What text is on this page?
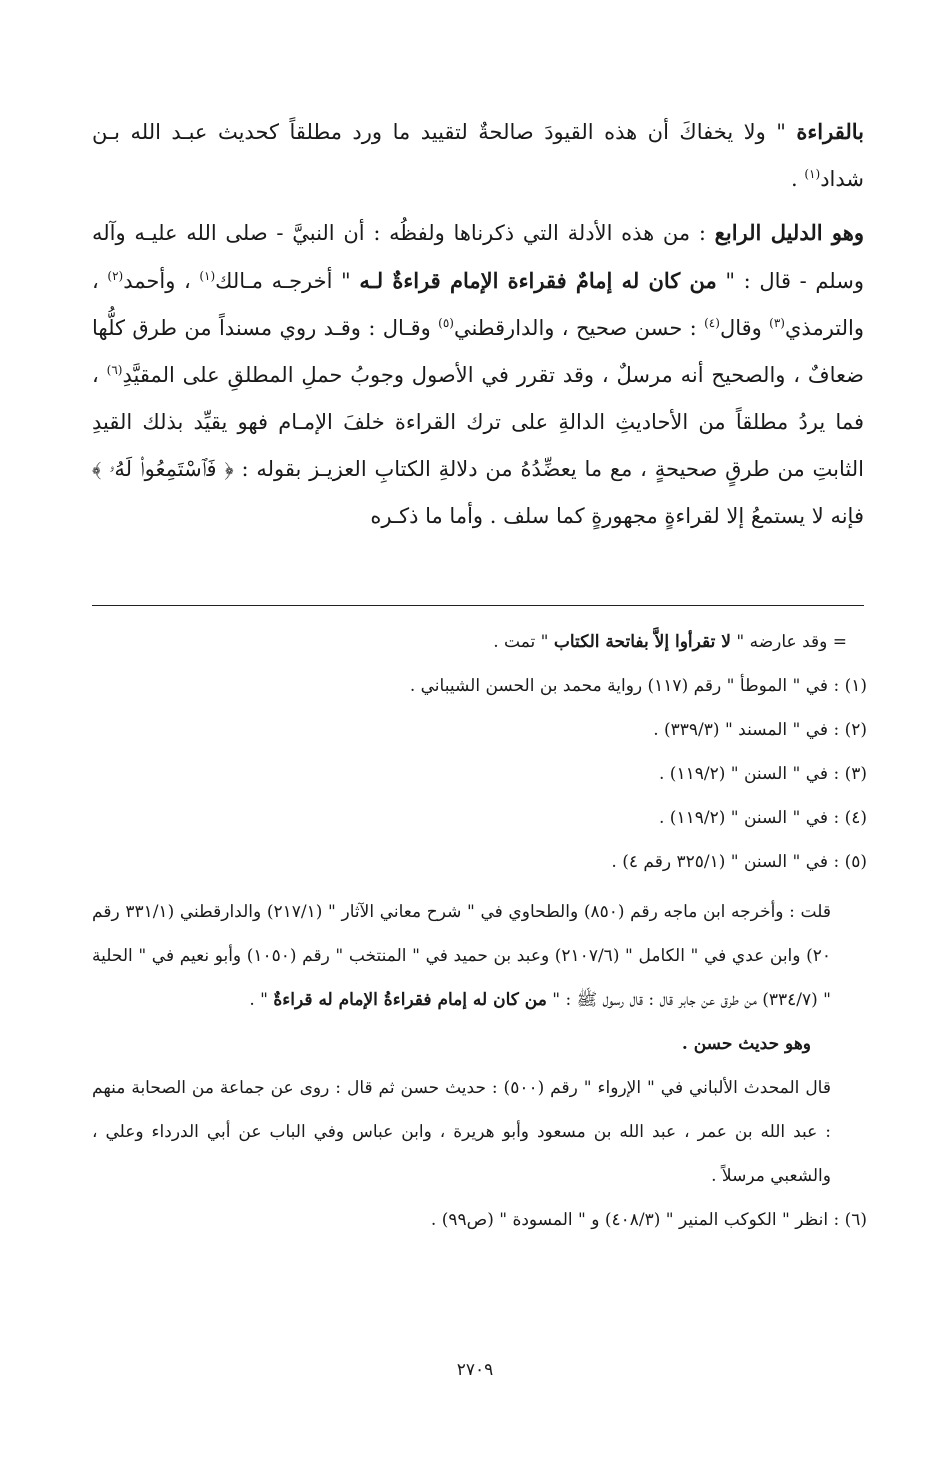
بالقراءة " ولا يخفاكَ أن هذه القيودَ صالحةٌ لتقييد ما ورد مطلقاً كحديث عبـد الله بـن شداد$^{(١)}$ .

وهو الدليل الرابع : من هذه الأدلة التي ذكرناها ولفظُه : أن النبيَّ - صلى الله عليـه وآله وسلم - قال : " من كان له إمامٌ فقراءة الإمام قراءةٌ لـه " أخرجـه مـالك$^{(١)}$ ، وأحمد$^{(٢)}$ ، والترمذي$^{(٣)}$ وقال$^{(٤)}$ : حسن صحيح ، والدارقطني$^{(٥)}$ وقـال : وقـد روي مسنداً من طرق كلُّها ضعافٌ ، والصحيح أنه مرسلٌ ، وقد تقرر في الأصول وجوبُ حملِ المطلقِ على المقيَّدِ$^{(٦)}$ ، فما يردُ مطلقاً من الأحاديثِ الدالةِ على ترك القراءة خلفَ الإمـام فهو يقيِّد بذلك القيدِ الثابتِ من طرقٍ صحيحةٍ ، مع ما يعضِّدُهُ من دلالةِ الكتابِ العزيـز بقوله : ﴿ فَٱسْتَمِعُوا۟ لَهُۥ ﴾ فإنه لا يستمعُ إلا لقراءةٍ مجهورةٍ كما سلف . وأما ما ذكـره

= وقد عارضه " لا تقرأوا إلاَّ بفاتحة الكتاب " تمت .

(١) : في " الموطأ " رقم (١١٧) رواية محمد بن الحسن الشيباني .

(٢) : في " المسند " (٣٣٩/٣) .

(٣) : في " السنن " (١١٩/٢) .

(٤) : في " السنن " (١١٩/٢) .

(٥) : في " السنن " (٣٢٥/١ رقم ٤) .

قلت : وأخرجه ابن ماجه رقم (٨٥٠) والطحاوي في " شرح معاني الآثار " (٢١٧/١) والدارقطني (٣٣١/١ رقم ٢٠) وابن عدي في " الكامل " (٢١٠٧/٦) وعبد بن حميد في " المنتخب " رقم (١٠٥٠) وأبو نعيم في " الحلية " (٣٣٤/٧) من طرق عن جابر قال : قال رسول ﷺ : " من كان له إمام فقراءةُ الإمام له قراءةٌ " .

وهو حديث حسن .

قال المحدث الألباني في " الإرواء " رقم (٥٠٠) : حديث حسن ثم قال : روى عن جماعة من الصحابة منهم : عبد الله بن عمر ، عبد الله بن مسعود وأبو هريرة ، وابن عباس وفي الباب عن أبي الدرداء وعلي ، والشعبي مرسلاً .

(٦) : انظر " الكوكب المنير " (٤٠٨/٣) و " المسودة " (ص٩٩) .

٢٧٠٩
